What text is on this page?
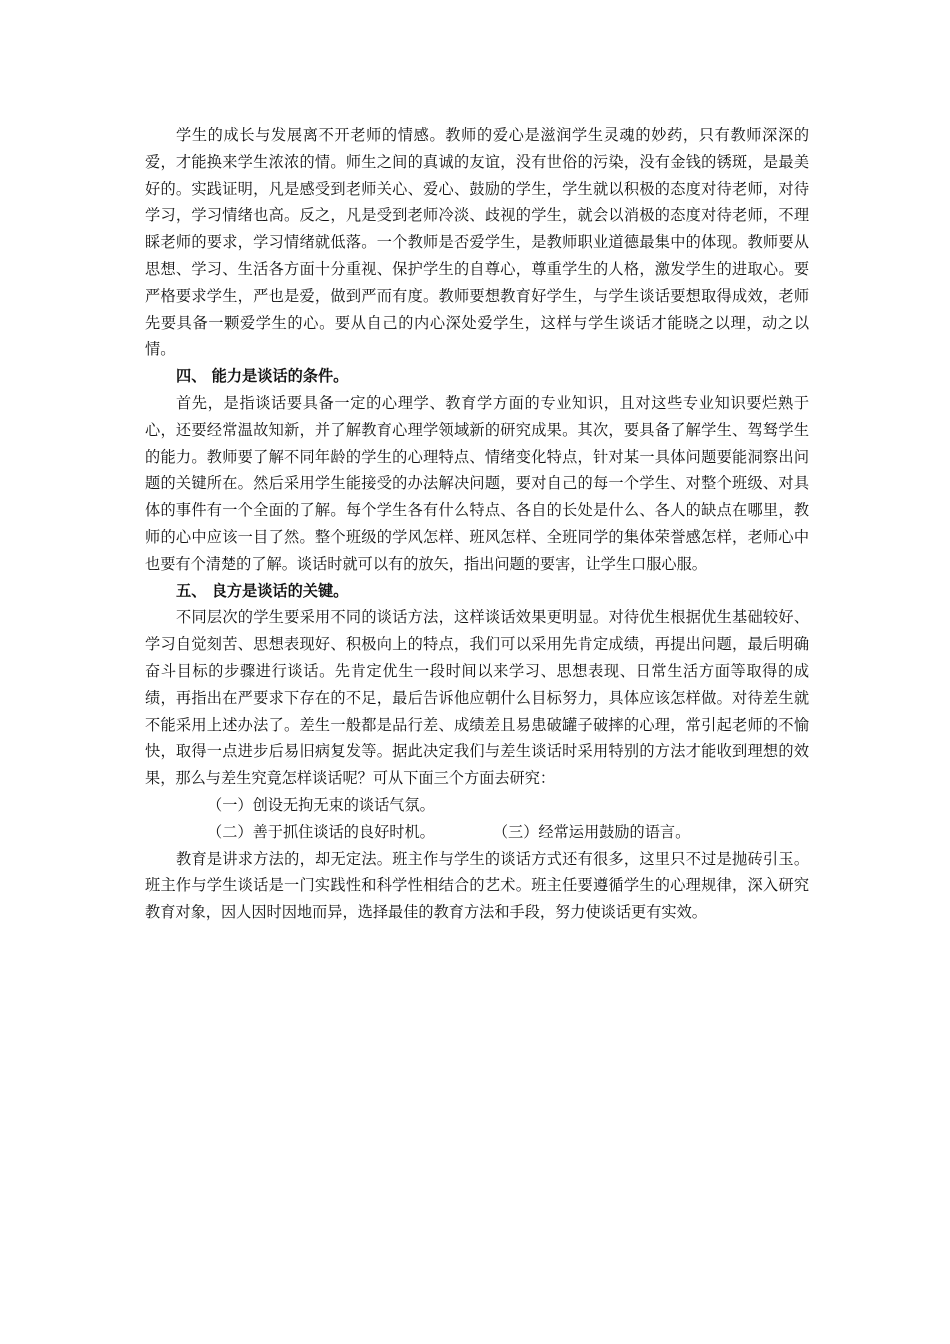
学生的成长与发展离不开老师的情感。教师的爱心是滋润学生灵魂的妙药，只有教师深深的爱，才能换来学生浓浓的情。师生之间的真诚的友谊，没有世俗的污染，没有金钱的锈斑，是最美好的。实践证明，凡是感受到老师关心、爱心、鼓励的学生，学生就以积极的态度对待老师，对待学习，学习情绪也高。反之，凡是受到老师冷淡、歧视的学生，就会以消极的态度对待老师，不理睬老师的要求，学习情绪就低落。一个教师是否爱学生，是教师职业道德最集中的体现。教师要从思想、学习、生活各方面十分重视、保护学生的自尊心，尊重学生的人格，激发学生的进取心。要严格要求学生，严也是爱，做到严而有度。教师要想教育好学生，与学生谈话要想取得成效，老师先要具备一颗爱学生的心。要从自己的内心深处爱学生，这样与学生谈话才能晓之以理，动之以情。

四、 能力是谈话的条件。

首先，是指谈话要具备一定的心理学、教育学方面的专业知识，且对这些专业知识要烂熟于心，还要经常温故知新，并了解教育心理学领域新的研究成果。其次，要具备了解学生、驾驽学生的能力。教师要了解不同年龄的学生的心理特点、情绪变化特点，针对某一具体问题要能洞察出问题的关键所在。然后采用学生能接受的办法解决问题，要对自己的每一个学生、对整个班级、对具体的事件有一个全面的了解。每个学生各有什么特点、各自的长处是什么、各人的缺点在哪里，教师的心中应该一目了然。整个班级的学风怎样、班风怎样、全班同学的集体荣誉感怎样，老师心中也要有个清楚的了解。谈话时就可以有的放矢，指出问题的要害，让学生口服心服。

五、 良方是谈话的关键。

不同层次的学生要采用不同的谈话方法，这样谈话效果更明显。对待优生根据优生基础较好、学习自觉刻苦、思想表现好、积极向上的特点，我们可以采用先肯定成绩，再提出问题，最后明确奋斗目标的步骤进行谈话。先肯定优生一段时间以来学习、思想表现、日常生活方面等取得的成绩，再指出在严要求下存在的不足，最后告诉他应朝什么目标努力，具体应该怎样做。对待差生就不能采用上述办法了。差生一般都是品行差、成绩差且易患破罐子破摔的心理，常引起老师的不愉快，取得一点进步后易旧病复发等。据此决定我们与差生谈话时采用特别的方法才能收到理想的效果，那么与差生究竟怎样谈话呢？可从下面三个方面去研究：

（一）创设无拘无束的谈话气氛。

（二）善于抓住谈话的良好时机。	（三）经常运用鼓励的语言。

教育是讲求方法的，却无定法。班主作与学生的谈话方式还有很多，这里只不过是抛砖引玉。班主作与学生谈话是一门实践性和科学性相结合的艺术。班主任要遵循学生的心理规律，深入研究教育对象，因人因时因地而异，选择最佳的教育方法和手段，努力使谈话更有实效。
